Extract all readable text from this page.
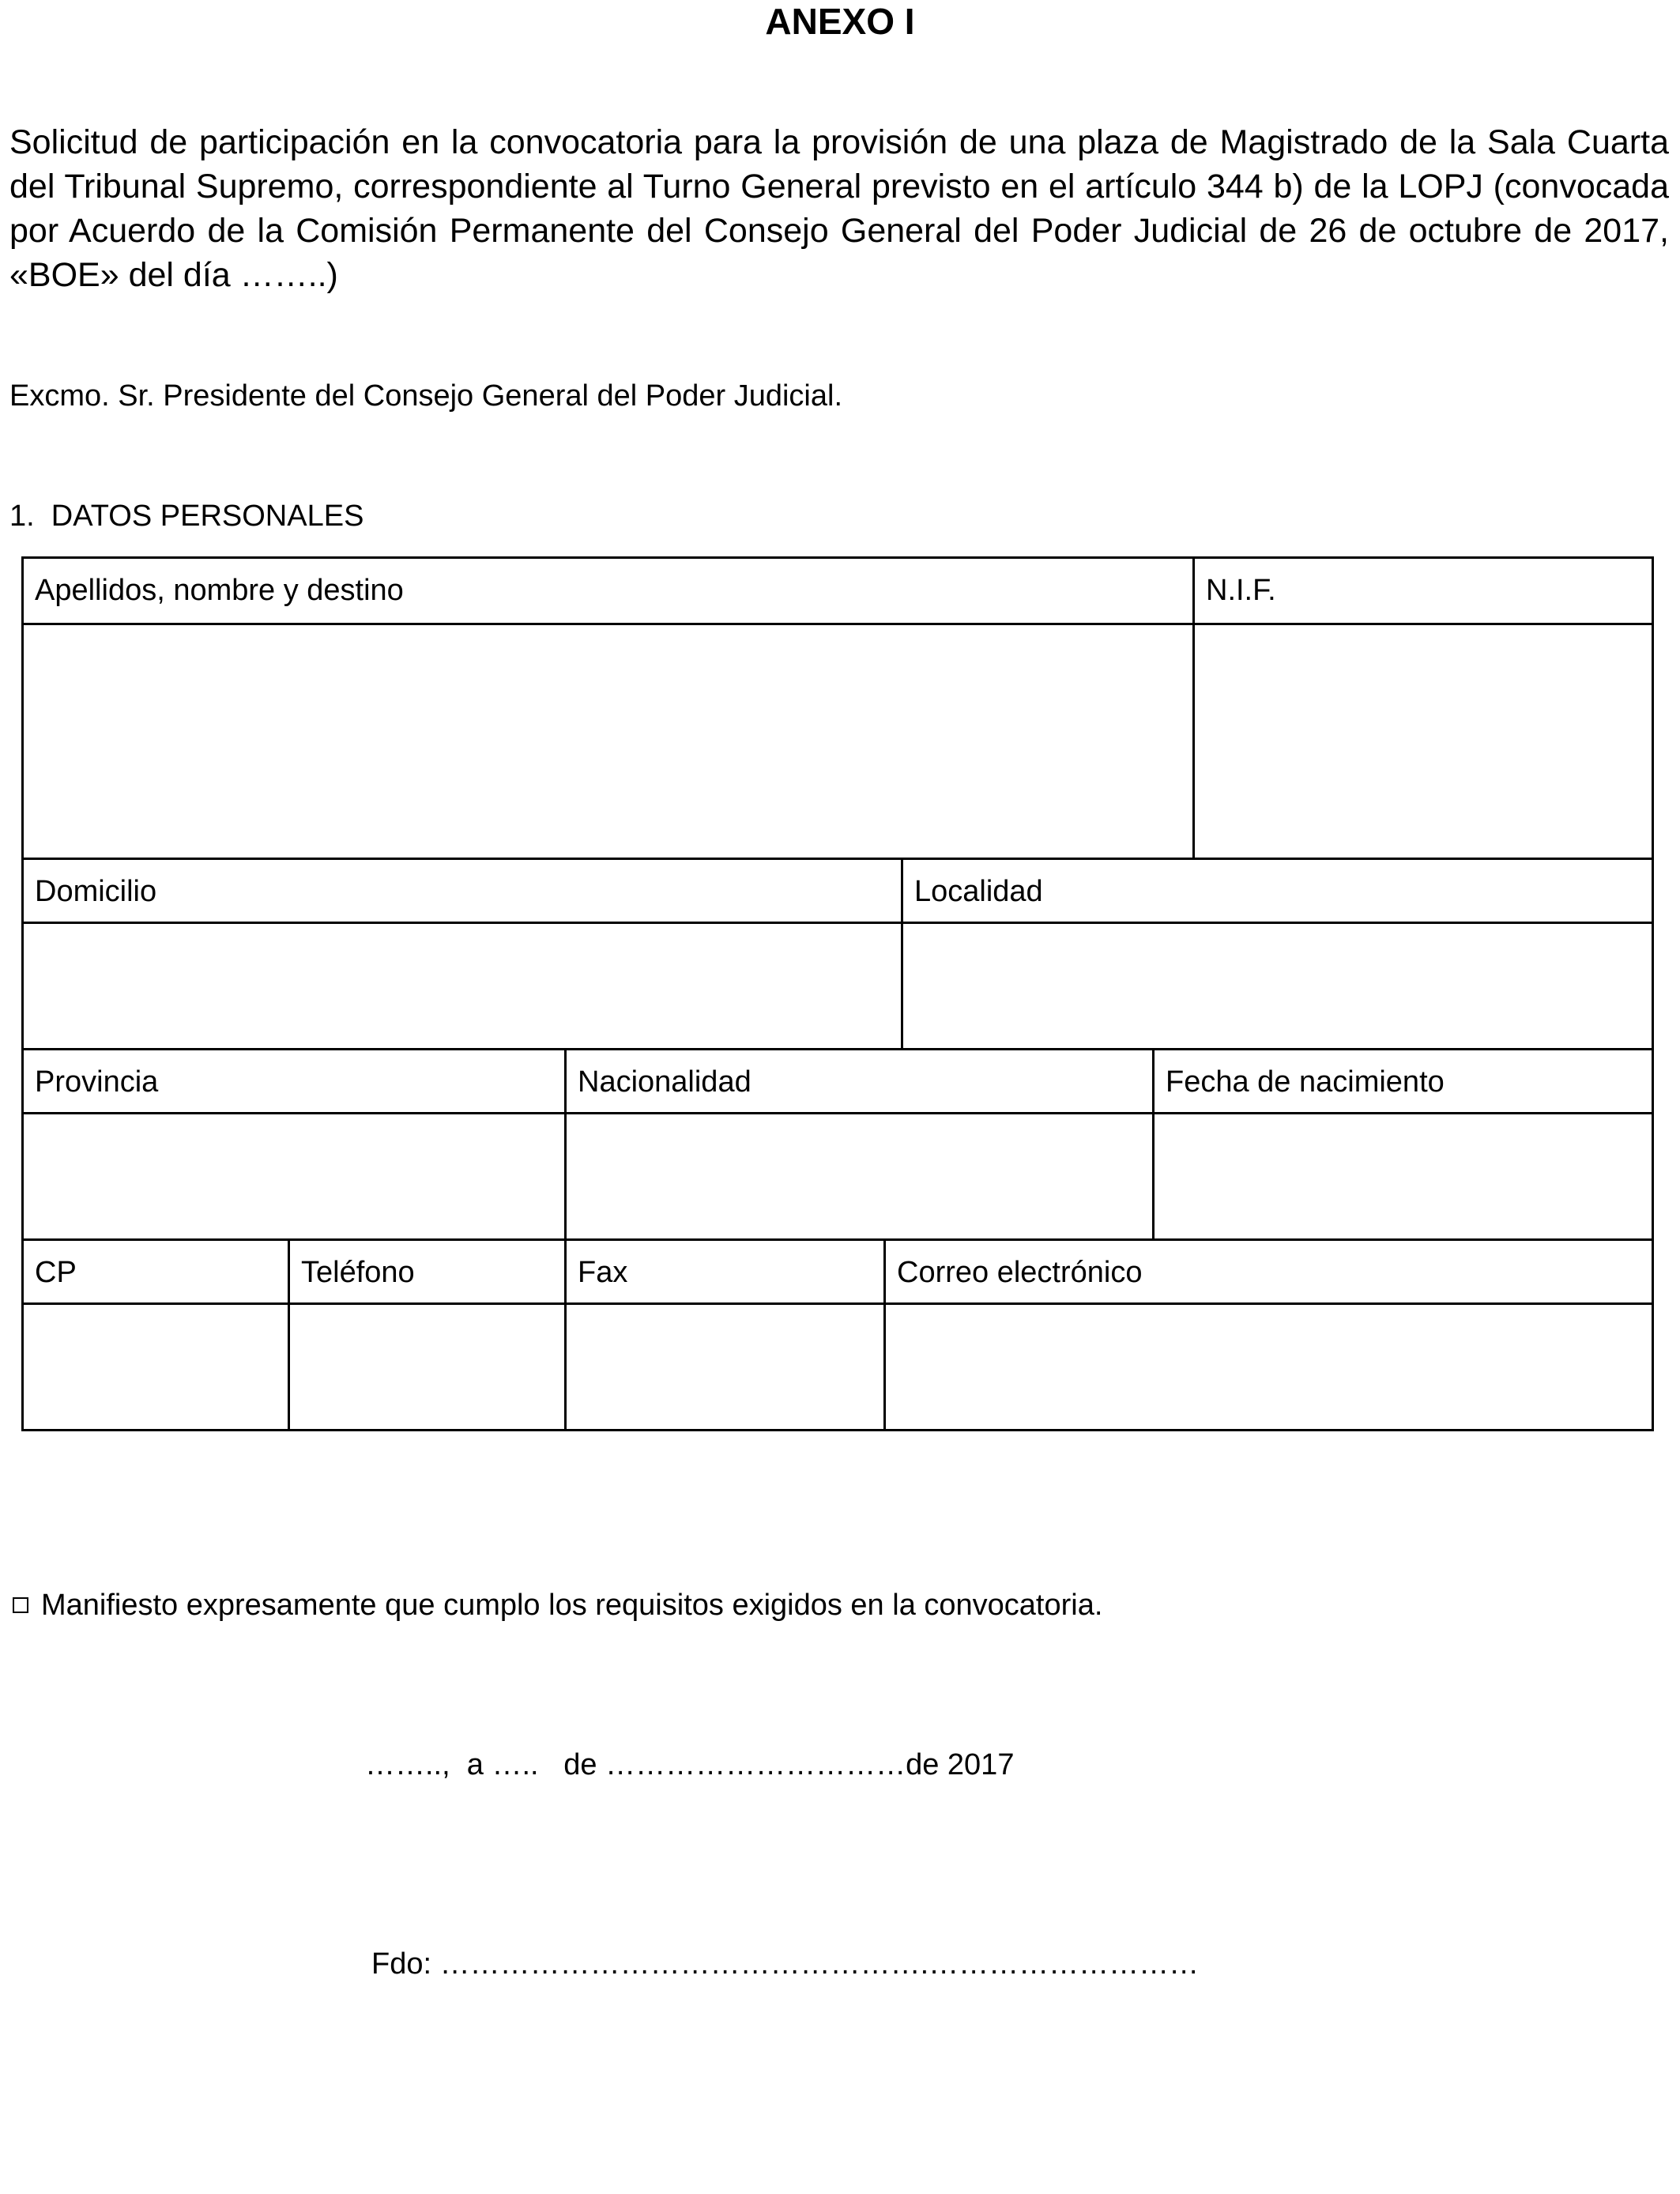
ANEXO I

Solicitud de participación en la convocatoria para la provisión de una plaza de Magistrado de la Sala Cuarta del Tribunal Supremo, correspondiente al Turno General previsto en el artículo 344 b) de la LOPJ (convocada por Acuerdo de la Comisión Permanente del Consejo General del Poder Judicial de 26 de octubre de 2017, «BOE» del día ……..)

Excmo. Sr. Presidente del Consejo General del Poder Judicial.

1.  DATOS PERSONALES

Apellidos, nombre y destino	N.I.F.
Domicilio	Localidad
Provincia	Nacionalidad	Fecha de nacimiento
CP	Teléfono	Fax	Correo electrónico

Manifiesto expresamente que cumplo los requisitos exigidos en la convocatoria.

……..,  a …..   de …………………………de 2017

Fdo: ………………………………………….………………………
